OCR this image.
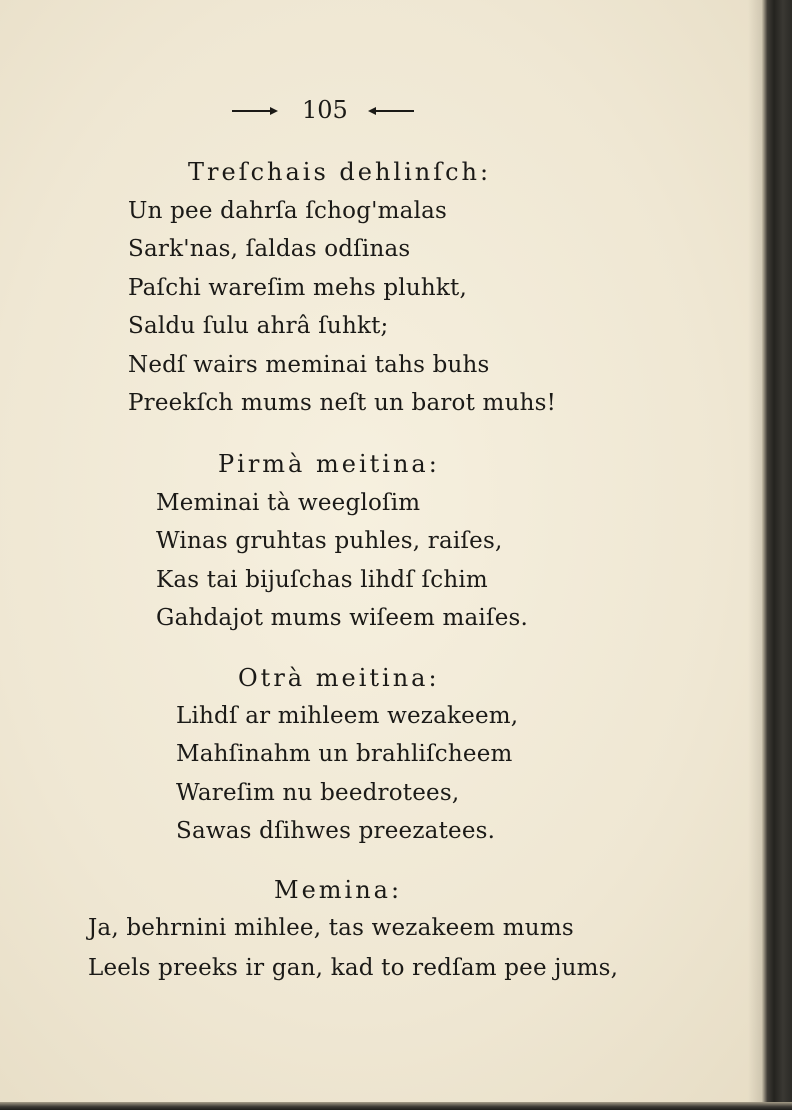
105
Treſchais dehlinſch:
Un pee dahrſa ſchog'malas
Sark'nas, ſaldas odſinas
Paſchi wareſim mehs pluhkt,
Saldu ſulu ahrâ ſuhkt;
Nedſ wairs meminai tahs buhs
Preekſch mums neſt un barot muhs!
Pirmà meitina:
Meminai tà weegloſim
Winas gruhtas puhles, raiſes,
Kas tai bijuſchas lihdſ ſchim
Gahdajot mums wiſeem maiſes.
Otrà meitina:
Lihdſ ar mihleem wezakeem,
Mahſinahm un brahliſcheem
Wareſim nu beedrotees,
Sawas dſihwes preezatees.
Memina:
Ja, behrnini mihlee, tas wezakeem mums
Leels preeks ir gan, kad to redſam pee jums,
